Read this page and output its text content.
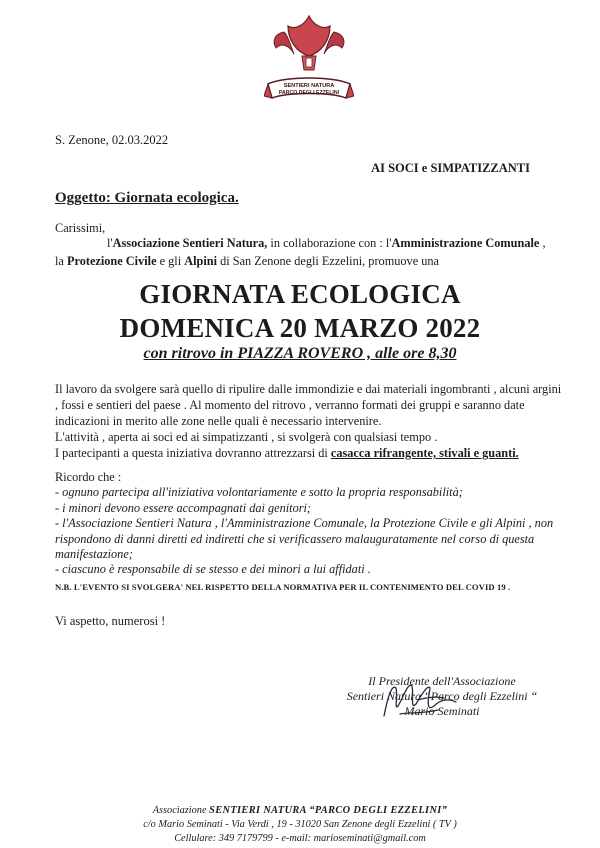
SENTIERI NATURA
PARCO DEGLI EZZELINI
S. Zenone, 02.03.2022
AI SOCI e SIMPATIZZANTI
Oggetto: Giornata ecologica.
Carissimi,
l'Associazione Sentieri Natura, in collaborazione con : l'Amministrazione Comunale ,
la Protezione Civile e gli Alpini di San Zenone degli Ezzelini, promuove una
GIORNATA ECOLOGICA
DOMENICA 20 MARZO 2022
con ritrovo in PIAZZA ROVERO , alle ore 8,30
Il lavoro da svolgere sarà quello di ripulire dalle immondizie e dai materiali ingombranti , alcuni argini , fossi e sentieri del paese . Al momento del ritrovo , verranno formati dei gruppi e saranno date indicazioni in merito alle zone nelle quali è necessario intervenire.
L'attività , aperta ai soci ed ai simpatizzanti , si svolgerà con qualsiasi tempo .
I partecipanti a questa iniziativa dovranno attrezzarsi di casacca rifrangente, stivali e guanti.
Ricordo che :
- ognuno partecipa all'iniziativa volontariamente e sotto la propria responsabilità;
- i minori devono essere accompagnati dai genitori;
- l'Associazione Sentieri Natura , l'Amministrazione Comunale, la Protezione Civile e gli Alpini , non rispondono di danni diretti ed indiretti che si verificassero malauguratamente nel corso di questa manifestazione;
- ciascuno è responsabile di se stesso e dei minori a lui affidati .
N.B. L'EVENTO SI SVOLGERA' NEL RISPETTO DELLA NORMATIVA PER IL CONTENIMENTO DEL COVID 19 .
Vi aspetto, numerosi !
Il Presidente dell'Associazione
Sentieri Natura “Parco degli Ezzelini “
Mario Seminati
Associazione SENTIERI NATURA “PARCO DEGLI EZZELINI”
c/o Mario Seminati - Via Verdi , 19 - 31020 San Zenone degli Ezzelini ( TV )
Cellulare: 349 7179799 - e-mail: marioseminati@gmail.com
